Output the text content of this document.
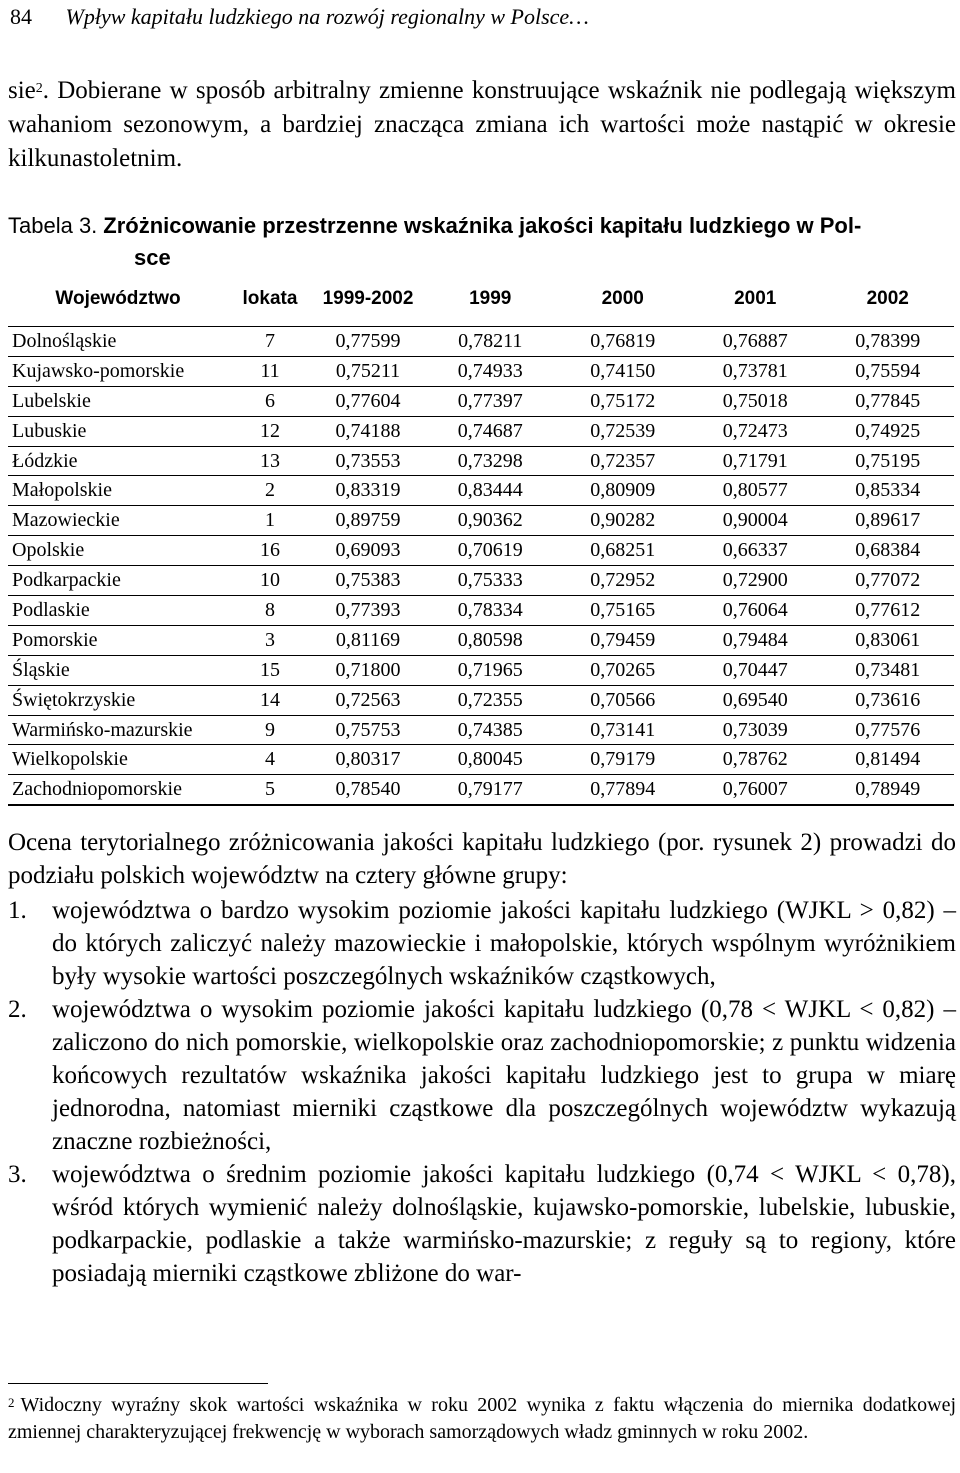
84 Wpływ kapitału ludzkiego na rozwój regionalny w Polsce…
sie$^2$. Dobierane w sposób arbitralny zmienne konstruujące wskaźnik nie podlegają większym wahaniom sezonowym, a bardziej znacząca zmiana ich wartości może nastąpić w okresie kilkunastoletnim.
Tabela 3. Zróżnicowanie przestrzenne wskaźnika jakości kapitału ludzkiego w Pol-
sce
Województwo	lokata	1999-2002	1999	2000	2001	2002
Dolnośląskie	7	0,77599	0,78211	0,76819	0,76887	0,78399
Kujawsko-pomorskie	11	0,75211	0,74933	0,74150	0,73781	0,75594
Lubelskie	6	0,77604	0,77397	0,75172	0,75018	0,77845
Lubuskie	12	0,74188	0,74687	0,72539	0,72473	0,74925
Łódzkie	13	0,73553	0,73298	0,72357	0,71791	0,75195
Małopolskie	2	0,83319	0,83444	0,80909	0,80577	0,85334
Mazowieckie	1	0,89759	0,90362	0,90282	0,90004	0,89617
Opolskie	16	0,69093	0,70619	0,68251	0,66337	0,68384
Podkarpackie	10	0,75383	0,75333	0,72952	0,72900	0,77072
Podlaskie	8	0,77393	0,78334	0,75165	0,76064	0,77612
Pomorskie	3	0,81169	0,80598	0,79459	0,79484	0,83061
Śląskie	15	0,71800	0,71965	0,70265	0,70447	0,73481
Świętokrzyskie	14	0,72563	0,72355	0,70566	0,69540	0,73616
Warmińsko-mazurskie	9	0,75753	0,74385	0,73141	0,73039	0,77576
Wielkopolskie	4	0,80317	0,80045	0,79179	0,78762	0,81494
Zachodniopomorskie	5	0,78540	0,79177	0,77894	0,76007	0,78949
Ocena terytorialnego zróżnicowania jakości kapitału ludzkiego (por. rysunek 2) prowadzi do podziału polskich województw na cztery główne grupy:
1.	województwa o bardzo wysokim poziomie jakości kapitału ludzkiego (WJKL > 0,82) – do których zaliczyć należy mazowieckie i małopolskie, których wspólnym wyróżnikiem były wysokie wartości poszczególnych wskaźników cząstkowych,
2.	województwa o wysokim poziomie jakości kapitału ludzkiego (0,78 < WJKL < 0,82) – zaliczono do nich pomorskie, wielkopolskie oraz zachodniopomorskie; z punktu widzenia końcowych rezultatów wskaźnika jakości kapitału ludzkiego jest to grupa w miarę jednorodna, natomiast mierniki cząstkowe dla poszczególnych województw wykazują znaczne rozbieżności,
3.	województwa o średnim poziomie jakości kapitału ludzkiego (0,74 < WJKL < 0,78), wśród których wymienić należy dolnośląskie, kujawsko-pomorskie, lubelskie, lubuskie, podkarpackie, podlaskie a także warmińsko-mazurskie; z reguły są to regiony, które posiadają mierniki cząstkowe zbliżone do war-
$^2$ Widoczny wyraźny skok wartości wskaźnika w roku 2002 wynika z faktu włączenia do miernika dodatkowej zmiennej charakteryzującej frekwencję w wyborach samorządowych władz gminnych w roku 2002.
